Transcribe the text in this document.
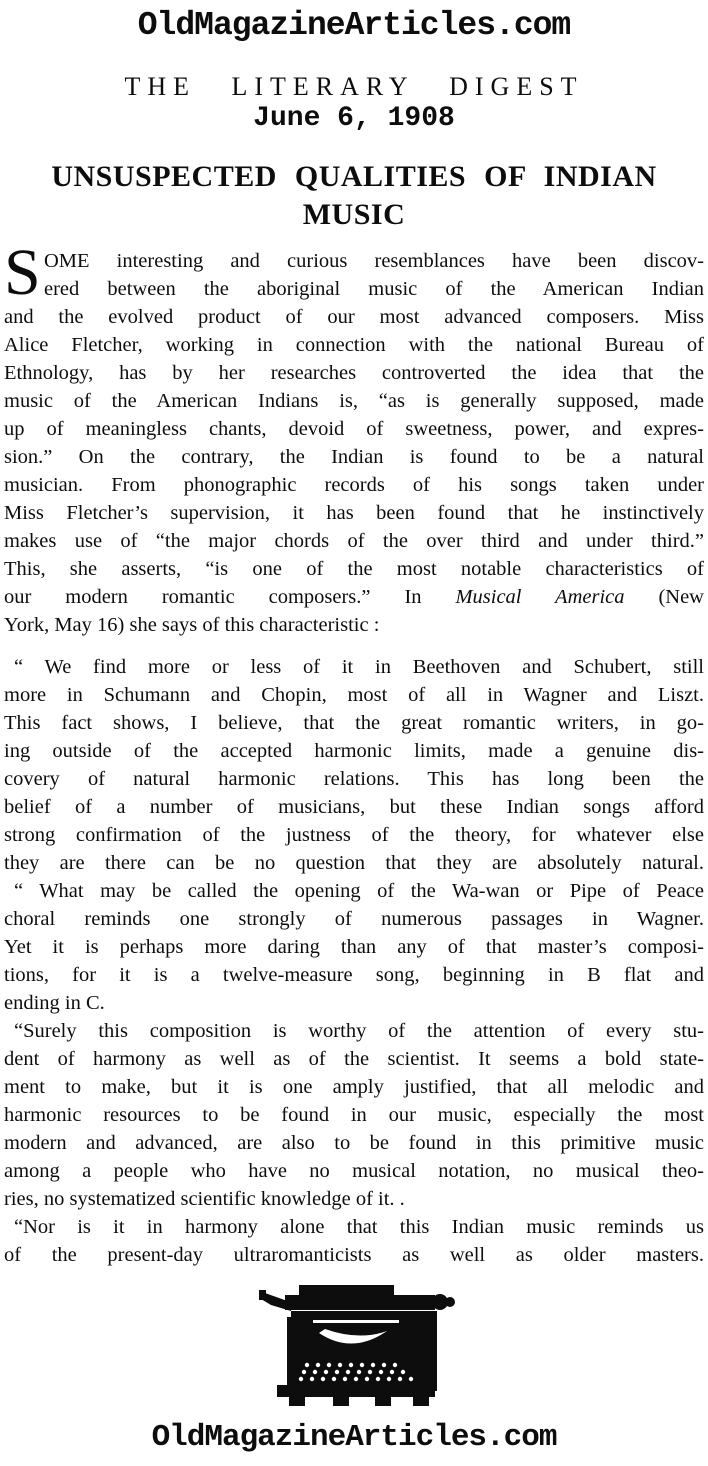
OldMagazineArticles.com
THE LITERARY DIGEST
June 6, 1908
UNSUSPECTED QUALITIES OF INDIAN
MUSIC
S OME interesting and curious resemblances have been discov-
ered between the aboriginal music of the American Indian
and the evolved product of our most advanced composers. Miss
Alice Fletcher, working in connection with the national Bureau of
Ethnology, has by her researches controverted the idea that the
music of the American Indians is, “as is generally supposed, made
up of meaningless chants, devoid of sweetness, power, and expres-
sion.” On the contrary, the Indian is found to be a natural
musician. From phonographic records of his songs taken under
Miss Fletcher’s supervision, it has been found that he instinctively
makes use of “the major chords of the over third and under third.”
This, she asserts, “is one of the most notable characteristics of
our modern romantic composers.” In Musical America (New
York, May 16) she says of this characteristic :
“ We find more or less of it in Beethoven and Schubert, still
more in Schumann and Chopin, most of all in Wagner and Liszt.
This fact shows, I believe, that the great romantic writers, in go-
ing outside of the accepted harmonic limits, made a genuine dis-
covery of natural harmonic relations. This has long been the
belief of a number of musicians, but these Indian songs afford
strong confirmation of the justness of the theory, for whatever else
they are there can be no question that they are absolutely natural.
“ What may be called the opening of the Wa-wan or Pipe of Peace
choral reminds one strongly of numerous passages in Wagner.
Yet it is perhaps more daring than any of that master’s composi-
tions, for it is a twelve-measure song, beginning in B flat and
ending in C.
“Surely this composition is worthy of the attention of every stu-
dent of harmony as well as of the scientist. It seems a bold state-
ment to make, but it is one amply justified, that all melodic and
harmonic resources to be found in our music, especially the most
modern and advanced, are also to be found in this primitive music
among a people who have no musical notation, no musical theo-
ries, no systematized scientific knowledge of it. .
“Nor is it in harmony alone that this Indian music reminds us
of the present-day ultraromanticists as well as older masters.
OldMagazineArticles.com
